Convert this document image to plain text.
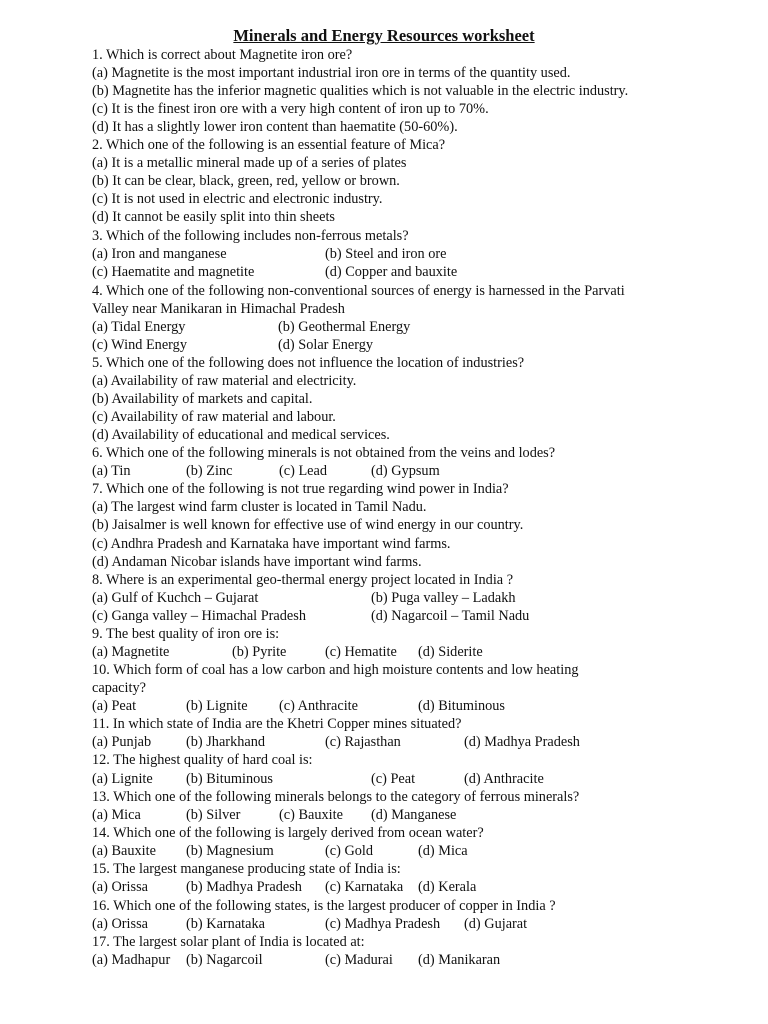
Minerals and Energy Resources worksheet
1. Which is correct about Magnetite iron ore?
(a) Magnetite is the most important industrial iron ore in terms of the quantity used.
(b) Magnetite has the inferior magnetic qualities which is not valuable in the electric industry.
(c) It is the finest iron ore with a very high content of iron up to 70%.
(d) It has a slightly lower iron content than haematite (50-60%).
2. Which one of the following is an essential feature of Mica?
(a) It is a metallic mineral made up of a series of plates
(b) It can be clear, black, green, red, yellow or brown.
(c) It is not used in electric and electronic industry.
(d) It cannot be easily split into thin sheets
3. Which of the following includes non-ferrous metals?
(a) Iron and manganese	(b) Steel and iron ore
(c) Haematite and magnetite	(d) Copper and bauxite
4. Which one of the following non-conventional sources of energy is harnessed in the Parvati
Valley near Manikaran in Himachal Pradesh
(a) Tidal Energy	(b) Geothermal Energy
(c) Wind Energy	(d) Solar Energy
5. Which one of the following does not influence the location of industries?
(a) Availability of raw material and electricity.
(b) Availability of markets and capital.
(c) Availability of raw material and labour.
(d) Availability of educational and medical services.
6. Which one of the following minerals is not obtained from the veins and lodes?
(a) Tin	(b) Zinc	(c) Lead	(d) Gypsum
7. Which one of the following is not true regarding wind power in India?
(a) The largest wind farm cluster is located in Tamil Nadu.
(b) Jaisalmer is well known for effective use of wind energy in our country.
(c) Andhra Pradesh and Karnataka have important wind farms.
(d) Andaman Nicobar islands have important wind farms.
8. Where is an experimental geo-thermal energy project located in India ?
(a) Gulf of Kuchch – Gujarat	(b) Puga valley – Ladakh
(c) Ganga valley – Himachal Pradesh	(d) Nagarcoil – Tamil Nadu
9. The best quality of iron ore is:
(a) Magnetite	(b) Pyrite	(c) Hematite (d) Siderite
10. Which form of coal has a low carbon and high moisture contents and low heating
capacity?
(a) Peat	(b) Lignite (c) Anthracite	(d) Bituminous
11. In which state of India are the Khetri Copper mines situated?
(a) Punjab (b) Jharkhand	(c) Rajasthan	(d) Madhya Pradesh
12. The highest quality of hard coal is:
(a) Lignite (b) Bituminous	(c) Peat	(d) Anthracite
13. Which one of the following minerals belongs to the category of ferrous minerals?
(a) Mica	(b) Silver	(c) Bauxite (d) Manganese
14. Which one of the following is largely derived from ocean water?
(a) Bauxite (b) Magnesium	(c) Gold	(d) Mica
15. The largest manganese producing state of India is:
(a) Orissa	(b) Madhya Pradesh (c) Karnataka (d) Kerala
16. Which one of the following states, is the largest producer of copper in India ?
(a) Orissa	(b) Karnataka	(c) Madhya Pradesh (d) Gujarat
17. The largest solar plant of India is located at:
(a) Madhapur (b) Nagarcoil	(c) Madurai (d) Manikaran
